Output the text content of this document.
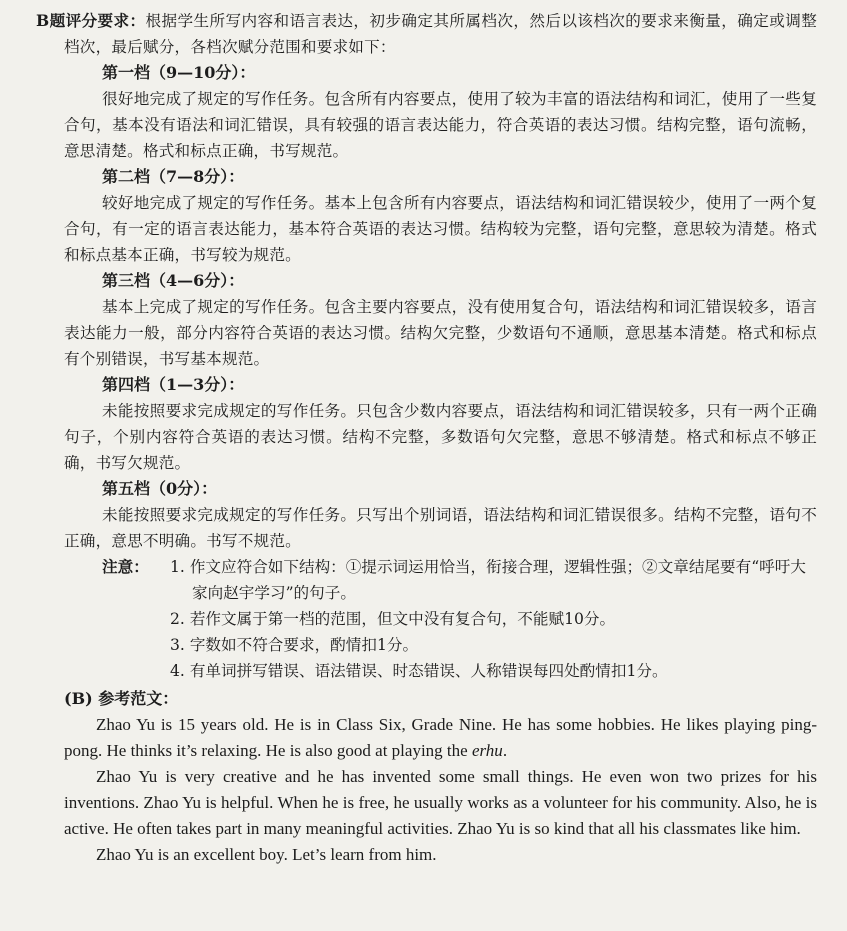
B题评分要求：根据学生所写内容和语言表达，初步确定其所属档次，然后以该档次的要求来衡量，确定或调整档次，最后赋分，各档次赋分范围和要求如下：

第一档（9—10分）：

很好地完成了规定的写作任务。包含所有内容要点，使用了较为丰富的语法结构和词汇，使用了一些复合句，基本没有语法和词汇错误，具有较强的语言表达能力，符合英语的表达习惯。结构完整，语句流畅，意思清楚。格式和标点正确，书写规范。

第二档（7—8分）：

较好地完成了规定的写作任务。基本上包含所有内容要点，语法结构和词汇错误较少，使用了一两个复合句，有一定的语言表达能力，基本符合英语的表达习惯。结构较为完整，语句完整，意思较为清楚。格式和标点基本正确，书写较为规范。

第三档（4—6分）：

基本上完成了规定的写作任务。包含主要内容要点，没有使用复合句，语法结构和词汇错误较多，语言表达能力一般，部分内容符合英语的表达习惯。结构欠完整，少数语句不通顺，意思基本清楚。格式和标点有个别错误，书写基本规范。

第四档（1—3分）：

未能按照要求完成规定的写作任务。只包含少数内容要点，语法结构和词汇错误较多，只有一两个正确句子，个别内容符合英语的表达习惯。结构不完整，多数语句欠完整，意思不够清楚。格式和标点不够正确，书写欠规范。

第五档（0分）：

未能按照要求完成规定的写作任务。只写出个别词语，语法结构和词汇错误很多。结构不完整，语句不正确，意思不明确。书写不规范。

注意： 1. 作文应符合如下结构：①提示词运用恰当，衔接合理，逻辑性强；②文章结尾要有“呼吁大家向赵宇学习”的句子。

2. 若作文属于第一档的范围，但文中没有复合句，不能赋10分。

3. 字数如不符合要求，酌情扣1分。

4. 有单词拼写错误、语法错误、时态错误、人称错误每四处酌情扣1分。

(B) 参考范文：

Zhao Yu is 15 years old. He is in Class Six, Grade Nine. He has some hobbies. He likes playing ping-pong. He thinks it’s relaxing. He is also good at playing the erhu.

Zhao Yu is very creative and he has invented some small things. He even won two prizes for his inventions. Zhao Yu is helpful. When he is free, he usually works as a volunteer for his community. Also, he is active. He often takes part in many meaningful activities. Zhao Yu is so kind that all his classmates like him.

Zhao Yu is an excellent boy. Let’s learn from him.
